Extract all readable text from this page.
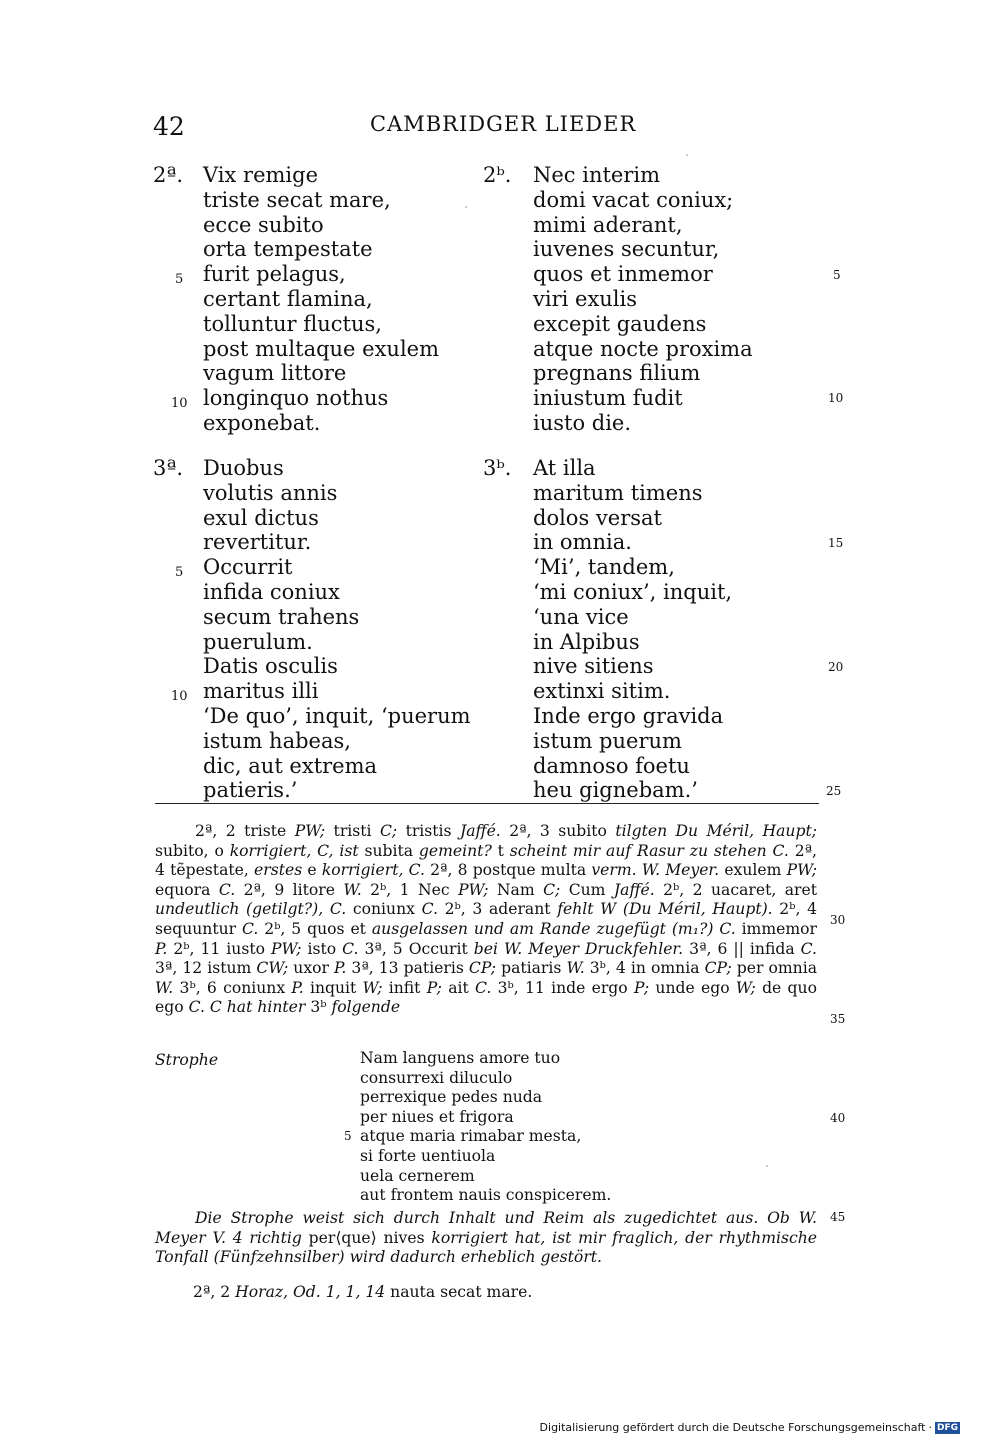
42	CAMBRIDGER LIEDER
2ª. Vix remige
triste secat mare,
ecce subito
orta tempestate
furit pelagus,
certant flamina,
tolluntur fluctus,
post multaque exulem
vagum littore
longinquo nothus
exponebat.
5
10
2ᵇ. Nec interim
domi vacat coniux;
mimi aderant,
iuvenes secuntur,
quos et inmemor
viri exulis
excepit gaudens
atque nocte proxima
pregnans filium
iniustum fudit
iusto die.
3ª. Duobus
volutis annis
exul dictus
revertitur.
Occurrit
infida coniux
secum trahens
puerulum.
Datis osculis
maritus illi
‘De quo’, inquit, ‘puerum
istum habeas,
dic, aut extrema
patieris.’
5
10
3ᵇ. At illa
maritum timens
dolos versat
in omnia.
‘Mi’, tandem,
‘mi coniux’, inquit,
‘una vice
in Alpibus
nive sitiens
extinxi sitim.
Inde ergo gravida
istum puerum
damnoso foetu
heu gignebam.’
5
10
15
20
25

2ª, 2 triste PW; tristi C; tristis Jaffé. 2ª, 3 subito tilgten Du Méril, Haupt; subito, o korrigiert, C, ist subita gemeint? t scheint mir auf Rasur zu stehen C. 2ª, 4 tẽpestate, erstes e korrigiert, C. 2ª, 8 postque multa verm. W. Meyer. exulem PW; equora C. 2ª, 9 litore W. 2ᵇ, 1 Nec PW; Nam C; Cum Jaffé. 2ᵇ, 2 uacaret, aret undeutlich (getilgt?), C. coniunx C. 2ᵇ, 3 aderant fehlt W (Du Méril, Haupt). 2ᵇ, 4 sequuntur C. 2ᵇ, 5 quos et ausgelassen und am Rande zugefügt (m₁?) C. immemor P. 2ᵇ, 11 iusto PW; isto C. 3ª, 5 Occurit bei W. Meyer Druckfehler. 3ª, 6 || infida C. 3ª, 12 istum CW; uxor P. 3ª, 13 patieris CP; patiaris W. 3ᵇ, 4 in omnia CP; per omnia W. 3ᵇ, 6 coniunx P. inquit W; infit P; ait C. 3ᵇ, 11 inde ergo P; unde ego W; de quo ego C. C hat hinter 3ᵇ folgende

30
35
40
45
Strophe	Nam languens amore tuo
consurrexi diluculo
perrexique pedes nuda
per niues et frigora
5 atque maria rimabar mesta,
si forte uentiuola
uela cernerem
aut frontem nauis conspicerem.

Die Strophe weist sich durch Inhalt und Reim als zugedichtet aus. Ob W. Meyer V. 4 richtig per⟨que⟩ nives korrigiert hat, ist mir fraglich, der rhythmische Tonfall (Fünfzehnsilber) wird dadurch erheblich gestört.

2ª, 2 Horaz, Od. 1, 1, 14 nauta secat mare.
Digitalisierung gefördert durch die Deutsche Forschungsgemeinschaft · DFG
